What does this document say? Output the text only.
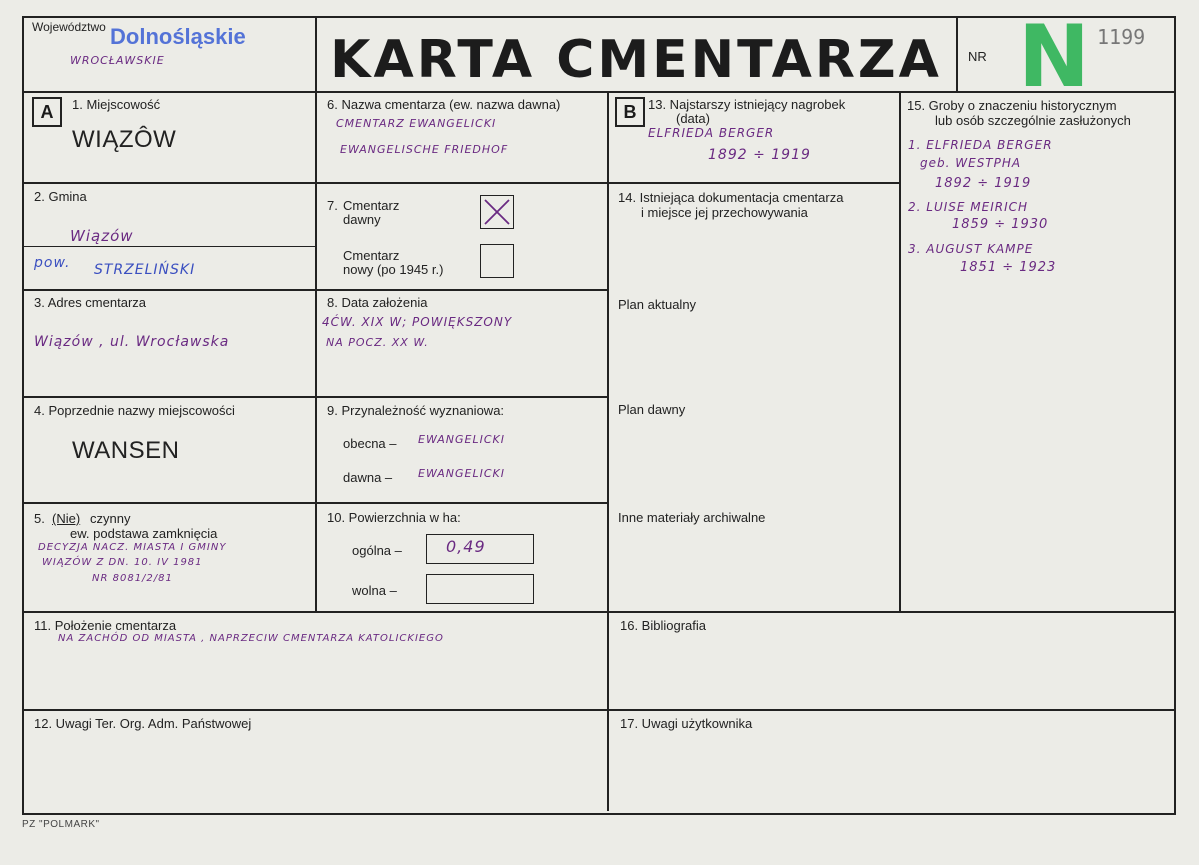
Województwo Dolnośląskie
WROCŁAWSKIE	KARTA CMENTARZA	NR N 1199
A	B
1. Miejscowość
WIĄZÔW
2. Gmina
Wiązów
pow. STRZELIŃSKI
3. Adres cmentarza
Wiązów , ul. Wrocławska
4. Poprzednie nazwy miejscowości
WANSEN
5. (Nie) czynny
ew. podstawa zamknięcia
DECYZJA NACZ. MIASTA I GMINY
WIĄZÓW Z DN. 10. IV 1981
NR 8081/2/81
6. Nazwa cmentarza (ew. nazwa dawna)
CMENTARZ EWANGELICKI
EWANGELISCHE FRIEDHOF
7. Cmentarz
dawny
Cmentarz
nowy (po 1945 r.)
8. Data założenia
4ĆW. XIX W; POWIĘKSZONY
NA POCZ. XX W.
9. Przynależność wyznaniowa:
obecna – EWANGELICKI
dawna – EWANGELICKI
10. Powierzchnia w ha:
ogólna –	0,49
wolna –
11. Położenie cmentarza
NA ZACHÓD OD MIASTA , NAPRZECIW CMENTARZA KATOLICKIEGO
12. Uwagi Ter. Org. Adm. Państwowej
13. Najstarszy istniejący nagrobek
(data)
ELFRIEDA BERGER
1892 ÷ 1919
14. Istniejąca dokumentacja cmentarza
i miejsce jej przechowywania
Plan aktualny
Plan dawny
Inne materiały archiwalne
15. Groby o znaczeniu historycznym
lub osób szczególnie zasłużonych
1. ELFRIEDA BERGER
geb. WESTPHA
1892 ÷ 1919
2. LUISE MEIRICH
1859 ÷ 1930
3. AUGUST KAMPE
1851 ÷ 1923
16. Bibliografia
17. Uwagi użytkownika
PZ "POLMARK"
